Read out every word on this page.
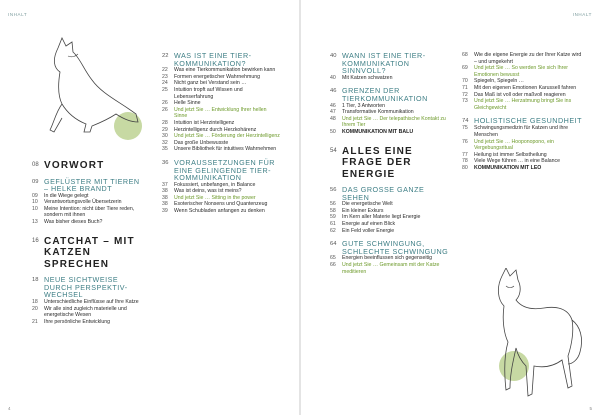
INHALT	INHALT
4	5
08 VORWORT
09 GEFLÜSTER MIT TIEREN – HELKE BRANDT
09	In die Wiege gelegt
10	Verantwortungsvolle Übersetzerin
10	Meine Intention: nicht über Tiere reden, sondern mit ihnen
13	Was bisher dieses Buch?
16 CATCHAT – MIT KATZEN SPRECHEN
18 NEUE SICHTWEISE DURCH PERSPEKTIV-WECHSEL
18	Unterschiedliche Einflüsse auf Ihre Katze
20	Wir alle sind zugleich materielle und energetische Wesen
21	Ihre persönliche Entwicklung
22 WAS IST EINE TIER-KOMMUNIKATION?
22	Was eine Tierkommunikation bewirken kann
23	Formen energetischer Wahrnehmung
24	Nicht ganz bei Verstand sein …
25	Intuition tropft auf Wissen und Lebenserfahrung
26	Helle Sinne
26	Und jetzt Sie … Entwicklung Ihrer hellen Sinne
28	Intuition ist Herzintelligenz
29	Herzintelligenz durch Herzkohärenz
30	Und jetzt Sie … Förderung der Herzintelligenz
32	Das große Unbewusste
35	Unsere Bibliothek für intuitives Wahrnehmen
36 VORAUSSETZUNGEN FÜR EINE GELINGENDE TIER-KOMMUNIKATION
37	Fokussiert, unbefangen, in Balance
38	Was ist deins, was ist meins?
38	Und jetzt Sie … Sitting in the power
38	Esoterischer Nonsens und Quantenzeug
39	Wenn Schubladen anfangen zu denken
40 WANN IST EINE TIER-KOMMUNIKATION SINNVOLL?
40	Mit Katzen schwatzen
46 GRENZEN DER TIERKOMMUNIKATION
46	1 Tier, 3 Antworten
47	Transformative Kommunikation
48	Und jetzt Sie … Der telepathische Kontakt zu Ihrem Tier
50	KOMMUNIKATION MIT BALU
54 ALLES EINE FRAGE DER ENERGIE
56 DAS GROSSE GANZE SEHEN
56	Die energetische Welt
58	Ein kleiner Exkurs
59	Im Kern aller Materie liegt Energie
61	Energie auf einen Blick
62	Ein Feld voller Energie
64 GUTE SCHWINGUNG, SCHLECHTE SCHWINGUNG
65	Energien beeinflussen sich gegenseitig
66	Und jetzt Sie … Gemeinsam mit der Katze meditieren
68	Wie die eigene Energie zu der Ihrer Katze wird – und umgekehrt
69	Und jetzt Sie … So werden Sie sich Ihrer Emotionen bewusst
70	Spiegeln, Spiegeln …
71	Mit den eigenen Emotionen Karussell fahren
72	Das Maß ist voll oder maßvoll reagieren
73	Und jetzt Sie … Herzatmung bringt Sie ins Gleichgewicht
74 HOLISTISCHE GESUNDHEIT
75	Schwingungsmedizin für Katzen und ihre Menschen
76	Und jetzt Sie … Hooponopono, ein Vergebungsritual
77	Heilung ist immer Selbstheilung
78	Viele Wege führen … in eine Balance
80	KOMMUNIKATION MIT LEO
